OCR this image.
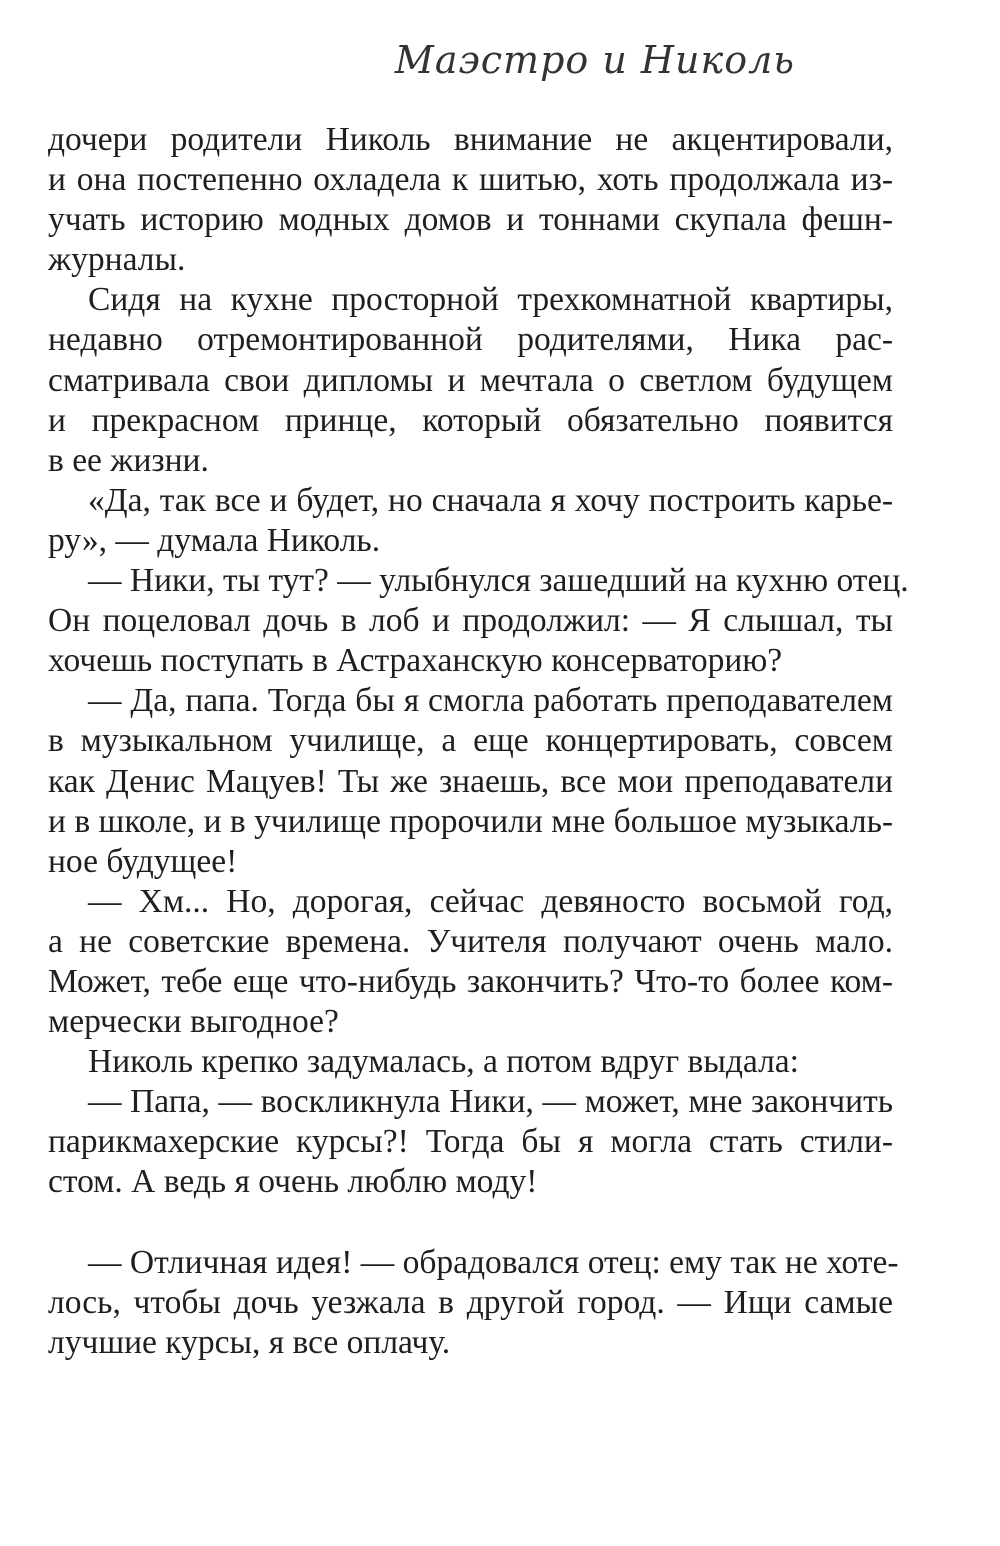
Маэстро и Николь

дочери родители Николь внимание не акцентировали,
и она постепенно охладела к шитью, хоть продолжала из-
учать историю модных домов и тоннами скупала фешн-
журналы.

Сидя на кухне просторной трехкомнатной квартиры,
недавно отремонтированной родителями, Ника рас-
сматривала свои дипломы и мечтала о светлом будущем
и прекрасном принце, который обязательно появится
в ее жизни.

«Да, так все и будет, но сначала я хочу построить карье-
ру», — думала Николь.

— Ники, ты тут? — улыбнулся зашедший на кухню отец.
Он поцеловал дочь в лоб и продолжил: — Я слышал, ты
хочешь поступать в Астраханскую консерваторию?

— Да, папа. Тогда бы я смогла работать преподавателем
в музыкальном училище, а еще концертировать, совсем
как Денис Мацуев! Ты же знаешь, все мои преподаватели
и в школе, и в училище пророчили мне большое музыкаль-
ное будущее!

— Хм... Но, дорогая, сейчас девяносто восьмой год,
а не советские времена. Учителя получают очень мало.
Может, тебе еще что-нибудь закончить? Что-то более ком-
мерчески выгодное?

Николь крепко задумалась, а потом вдруг выдала:

— Папа, — воскликнула Ники, — может, мне закончить
парикмахерские курсы?! Тогда бы я могла стать стили-
стом. А ведь я очень люблю моду!

— Отличная идея! — обрадовался отец: ему так не хоте-
лось, чтобы дочь уезжала в другой город. — Ищи самые
лучшие курсы, я все оплачу.
